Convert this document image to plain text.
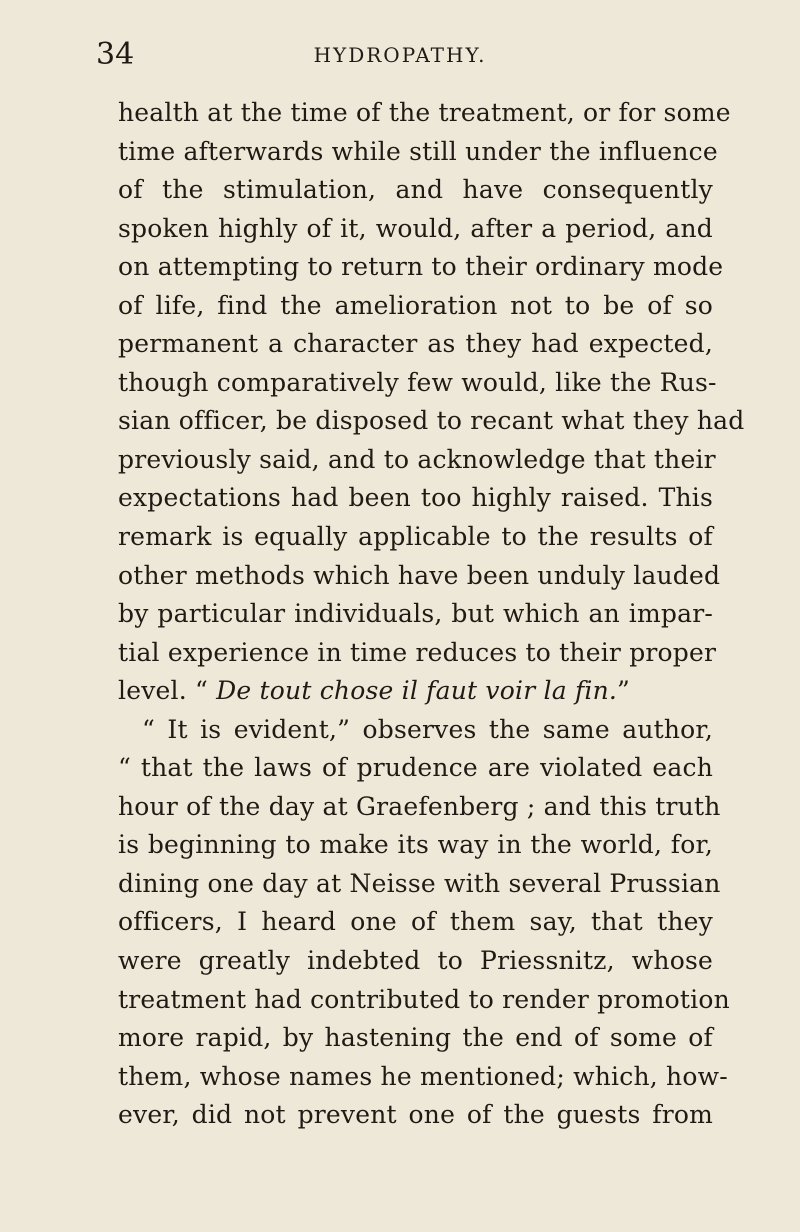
34	HYDROPATHY.
health at the time of the treatment, or for some
time afterwards while still under the influence
of the stimulation, and have consequently
spoken highly of it, would, after a period, and
on attempting to return to their ordinary mode
of life, find the amelioration not to be of so
permanent a character as they had expected,
though comparatively few would, like the Rus-
sian officer, be disposed to recant what they had
previously said, and to acknowledge that their
expectations had been too highly raised. This
remark is equally applicable to the results of
other methods which have been unduly lauded
by particular individuals, but which an impar-
tial experience in time reduces to their proper
level. “ De tout chose il faut voir la fin.”
“ It is evident,” observes the same author,
“ that the laws of prudence are violated each
hour of the day at Graefenberg ; and this truth
is beginning to make its way in the world, for,
dining one day at Neisse with several Prussian
officers, I heard one of them say, that they
were greatly indebted to Priessnitz, whose
treatment had contributed to render promotion
more rapid, by hastening the end of some of
them, whose names he mentioned; which, how-
ever, did not prevent one of the guests from
